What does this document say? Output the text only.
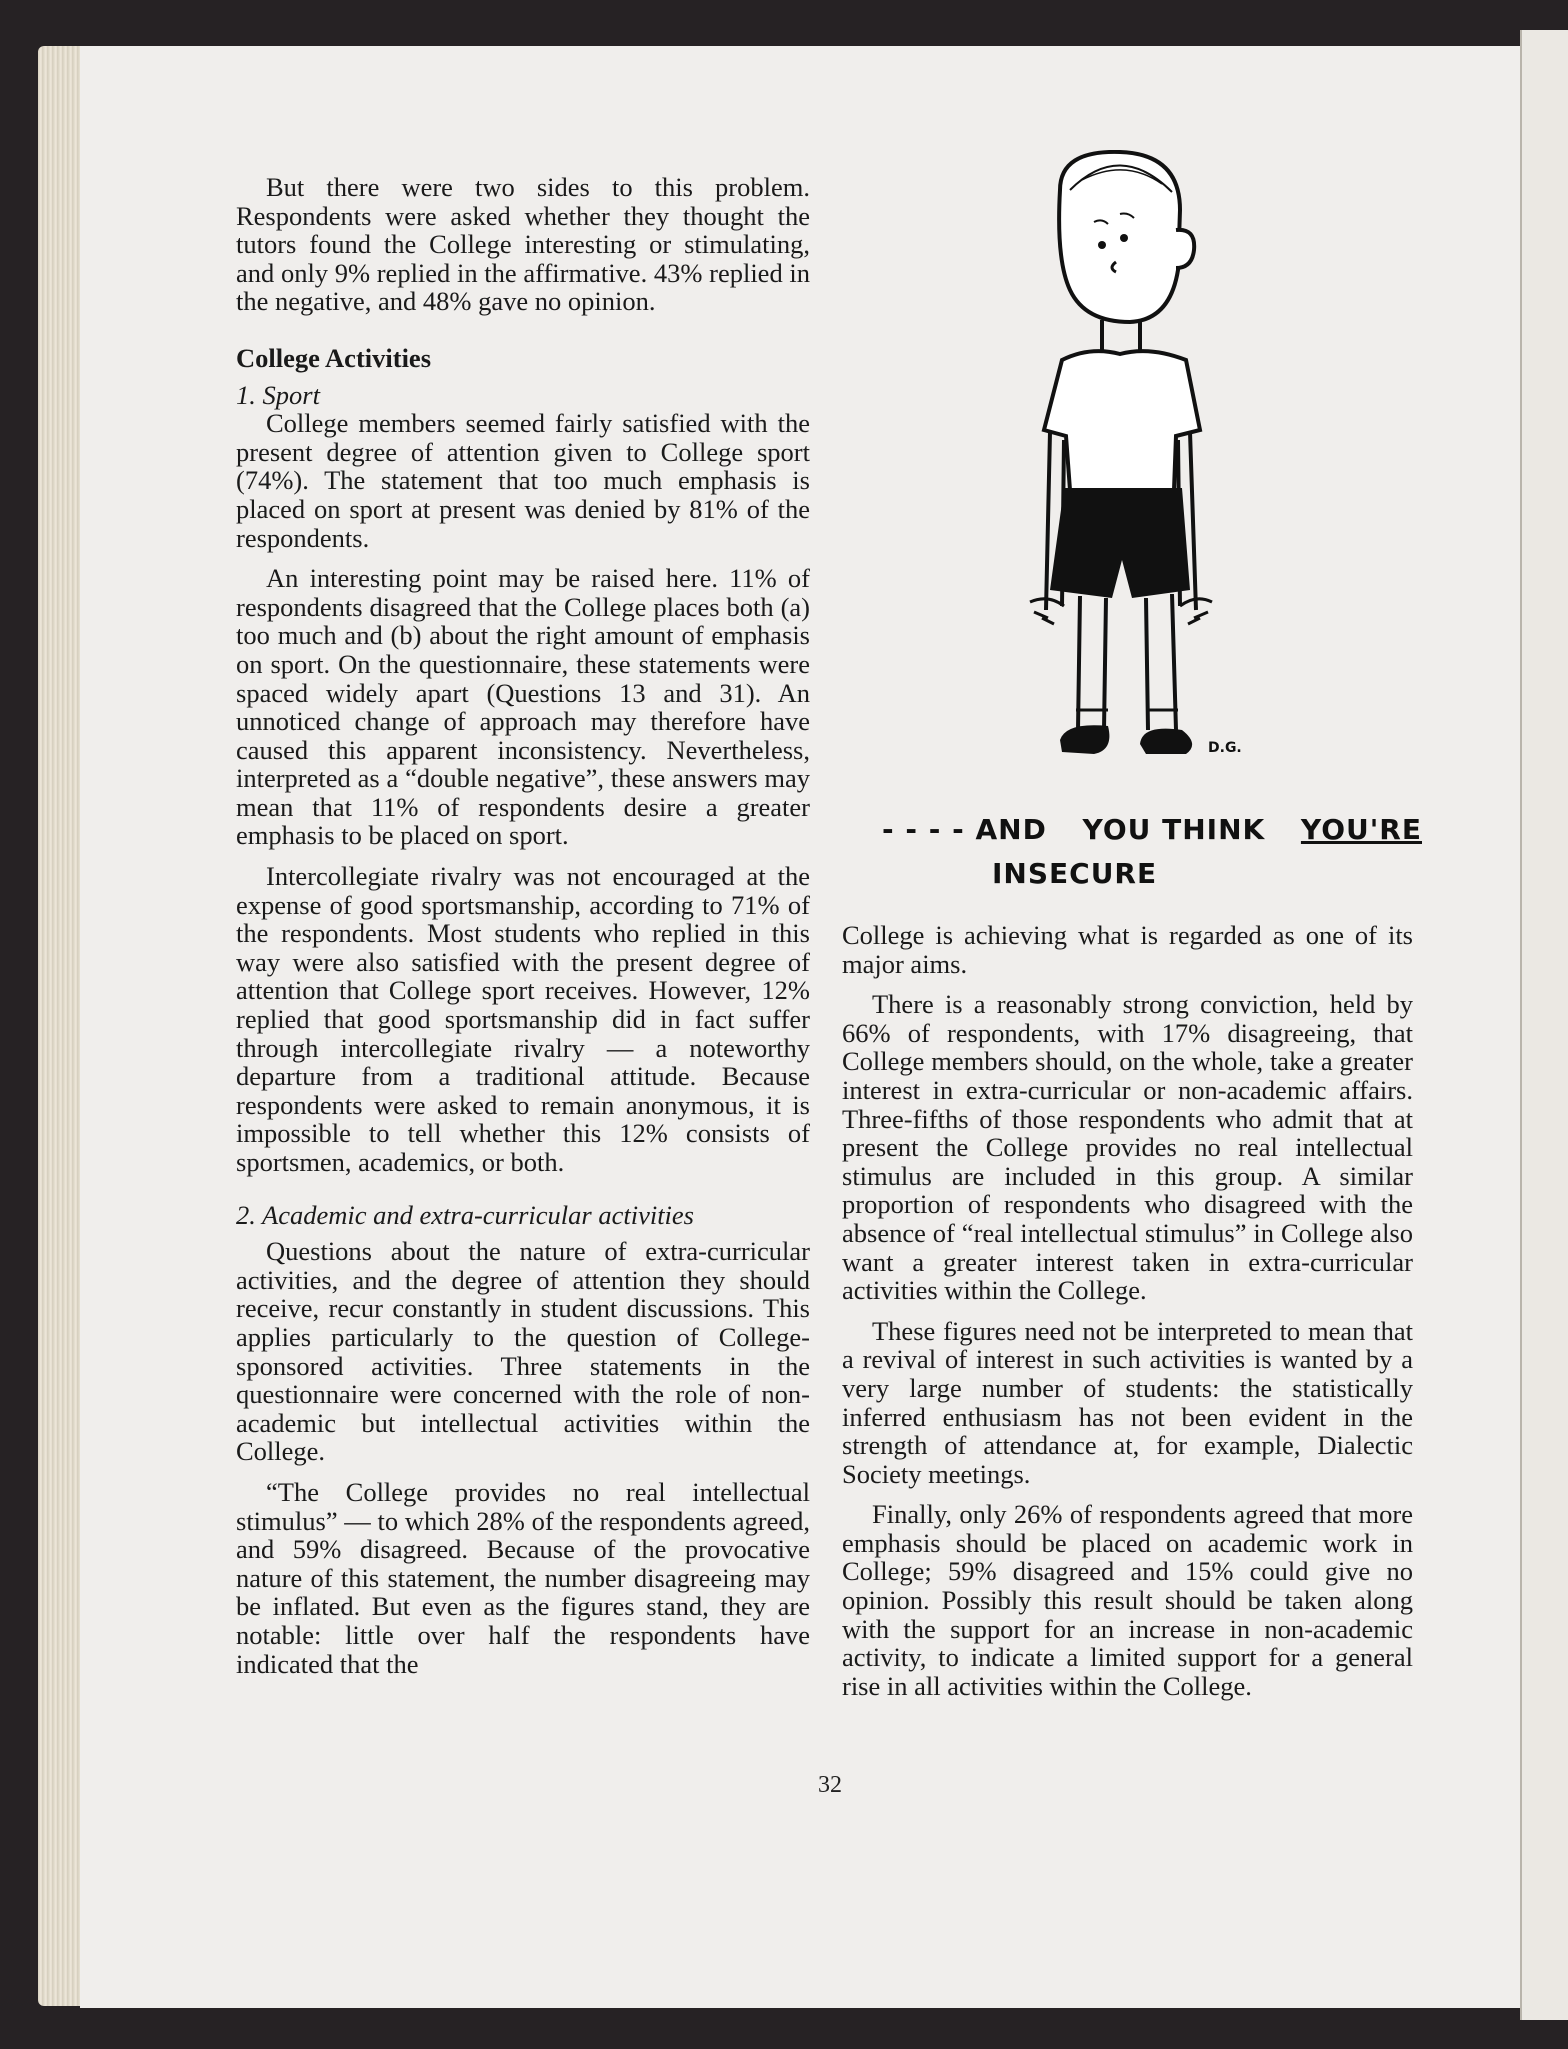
But there were two sides to this problem. Respondents were asked whether they thought the tutors found the College interesting or stimulating, and only 9% replied in the affirmative. 43% replied in the negative, and 48% gave no opinion.

College Activities

1. Sport

College members seemed fairly satisfied with the present degree of attention given to College sport (74%). The statement that too much emphasis is placed on sport at present was denied by 81% of the respondents.

An interesting point may be raised here. 11% of respondents disagreed that the College places both (a) too much and (b) about the right amount of emphasis on sport. On the questionnaire, these statements were spaced widely apart (Questions 13 and 31). An unnoticed change of approach may therefore have caused this apparent inconsistency. Nevertheless, interpreted as a “double negative”, these answers may mean that 11% of respondents desire a greater emphasis to be placed on sport.

Intercollegiate rivalry was not encouraged at the expense of good sportsmanship, according to 71% of the respondents. Most students who replied in this way were also satisfied with the present degree of attention that College sport receives. However, 12% replied that good sportsmanship did in fact suffer through intercollegiate rivalry — a noteworthy departure from a traditional attitude. Because respondents were asked to remain anonymous, it is impossible to tell whether this 12% consists of sportsmen, academics, or both.

2. Academic and extra-curricular activities

Questions about the nature of extra-curricular activities, and the degree of attention they should receive, recur constantly in student discussions. This applies particularly to the question of College-sponsored activities. Three statements in the questionnaire were concerned with the role of non-academic but intellectual activities within the College.

“The College provides no real intellectual stimulus” — to which 28% of the respondents agreed, and 59% disagreed. Because of the provocative nature of this statement, the number disagreeing may be inflated. But even as the figures stand, they are notable: little over half the respondents have indicated that the

D.G.
- - - - AND YOU THINK YOU'RE
INSECURE

College is achieving what is regarded as one of its major aims.

There is a reasonably strong conviction, held by 66% of respondents, with 17% disagreeing, that College members should, on the whole, take a greater interest in extra-curricular or non-academic affairs. Three-fifths of those respondents who admit that at present the College provides no real intellectual stimulus are included in this group. A similar proportion of respondents who disagreed with the absence of “real intellectual stimulus” in College also want a greater interest taken in extra-curricular activities within the College.

These figures need not be interpreted to mean that a revival of interest in such activities is wanted by a very large number of students: the statistically inferred enthusiasm has not been evident in the strength of attendance at, for example, Dialectic Society meetings.

Finally, only 26% of respondents agreed that more emphasis should be placed on academic work in College; 59% disagreed and 15% could give no opinion. Possibly this result should be taken along with the support for an increase in non-academic activity, to indicate a limited support for a general rise in all activities within the College.

32
